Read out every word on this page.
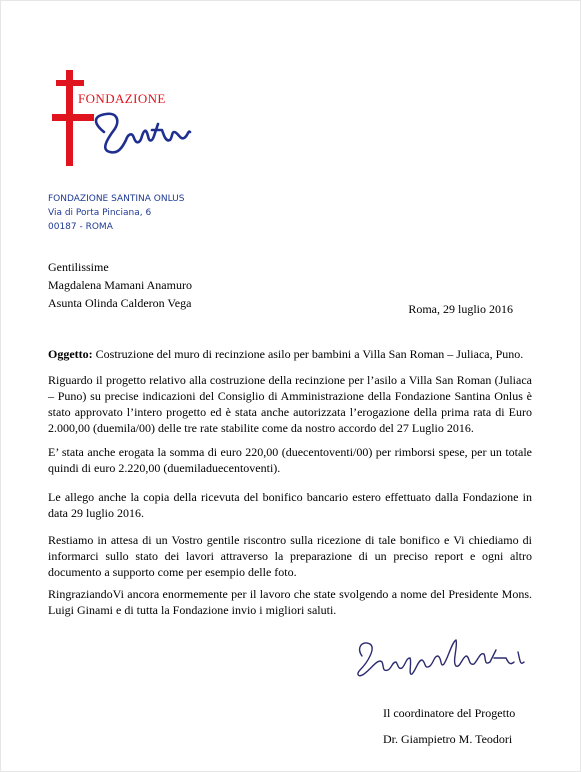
FONDAZIONE
FONDAZIONE SANTINA ONLUS
Via di Porta Pinciana, 6
00187 - ROMA
Gentilissime
Magdalena Mamani Anamuro
Asunta Olinda Calderon Vega	Roma, 29 luglio 2016
Oggetto: Costruzione del muro di recinzione asilo per bambini a Villa San Roman – Juliaca, Puno.
Riguardo il progetto relativo alla costruzione della recinzione per l’asilo a Villa San Roman (Juliaca – Puno) su precise indicazioni del Consiglio di Amministrazione della Fondazione Santina Onlus è stato approvato l’intero progetto ed è stata anche autorizzata l’erogazione della prima rata di Euro 2.000,00 (duemila/00) delle tre rate stabilite come da nostro accordo del 27 Luglio 2016.
E’ stata anche erogata la somma di euro 220,00 (duecentoventi/00) per rimborsi spese, per un totale quindi di euro 2.220,00 (duemiladuecentoventi).
Le allego anche la copia della ricevuta del bonifico bancario estero effettuato dalla Fondazione in data 29 luglio 2016.
Restiamo in attesa di un Vostro gentile riscontro sulla ricezione di tale bonifico e Vi chiediamo di informarci sullo stato dei lavori attraverso la preparazione di un preciso report e ogni altro documento a supporto come per esempio delle foto.
RingraziandoVi ancora enormemente per il lavoro che state svolgendo a nome del Presidente Mons. Luigi Ginami e di tutta la Fondazione invio i migliori saluti.
Il coordinatore del Progetto
Dr. Giampietro M. Teodori
